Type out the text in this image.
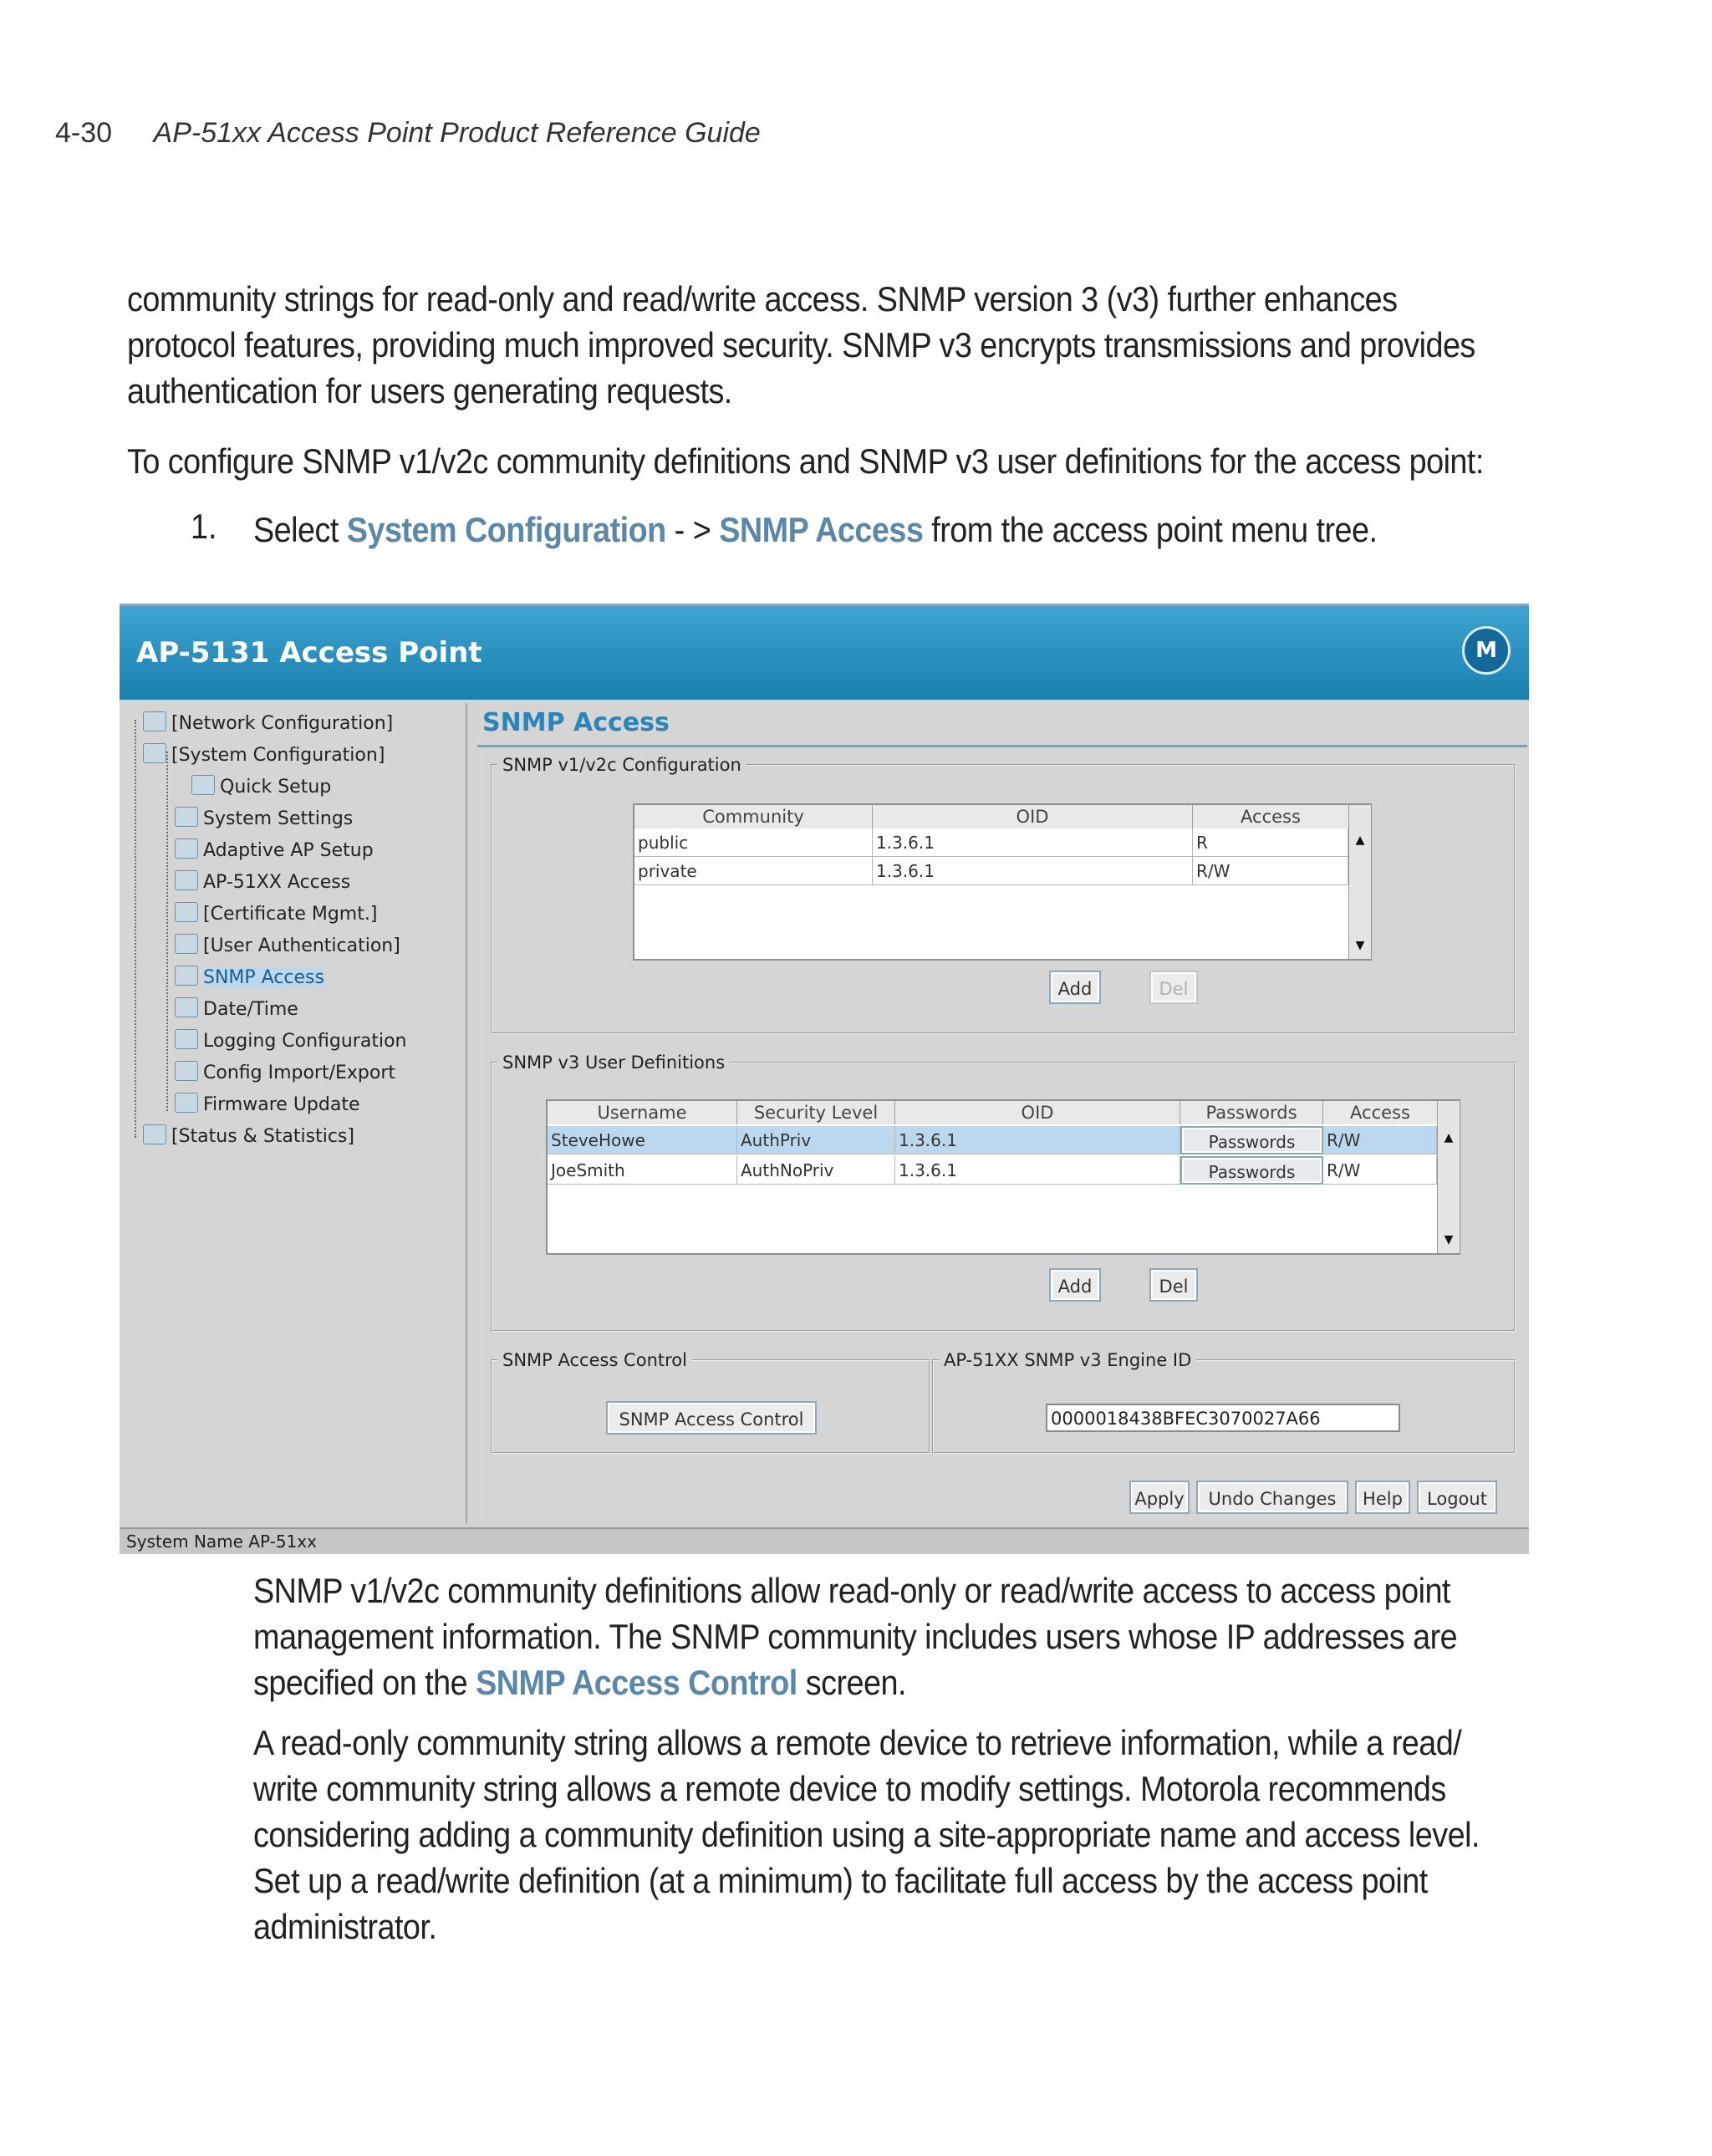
4-30 AP-51xx Access Point Product Reference Guide
community strings for read-only and read/write access. SNMP version 3 (v3) further enhances
protocol features, providing much improved security. SNMP v3 encrypts transmissions and provides
authentication for users generating requests.
To configure SNMP v1/v2c community definitions and SNMP v3 user definitions for the access point:
1. Select System Configuration - > SNMP Access from the access point menu tree.
AP-5131 Access Point	M
[Network Configuration]
[System Configuration]
Quick Setup
System Settings
Adaptive AP Setup
AP-51XX Access
[Certificate Mgmt.]
[User Authentication]
SNMP Access
Date/Time
Logging Configuration
Config Import/Export
Firmware Update
[Status & Statistics]
SNMP Access
SNMP v1/v2c Configuration
Community	OID	Access
public	1.3.6.1	R
private	1.3.6.1	R/W
▲
▼
Add	Del
SNMP v3 User Definitions
Username	Security Level	OID	Passwords	Access
SteveHowe	AuthPriv	1.3.6.1	Passwords	R/W
JoeSmith	AuthNoPriv	1.3.6.1	Passwords	R/W
▲
▼
Add	Del
SNMP Access Control
SNMP Access Control
AP-51XX SNMP v3 Engine ID
0000018438BFEC3070027A66
Apply	Undo Changes	Help	Logout
System Name AP-51xx
SNMP v1/v2c community definitions allow read-only or read/write access to access point
management information. The SNMP community includes users whose IP addresses are
specified on the SNMP Access Control screen.
A read-only community string allows a remote device to retrieve information, while a read/
write community string allows a remote device to modify settings. Motorola recommends
considering adding a community definition using a site-appropriate name and access level.
Set up a read/write definition (at a minimum) to facilitate full access by the access point
administrator.
